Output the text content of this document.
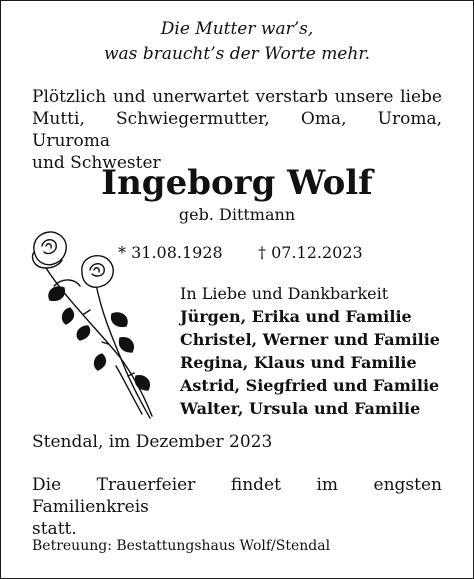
Die Mutter war’s,
was braucht’s der Worte mehr.
Plötzlich und unerwartet verstarb unsere liebe
Mutti, Schwiegermutter, Oma, Uroma, Ururoma
und Schwester
Ingeborg Wolf
geb. Dittmann
* 31.08.1928 † 07.12.2023
In Liebe und Dankbarkeit
Jürgen, Erika und Familie
Christel, Werner und Familie
Regina, Klaus und Familie
Astrid, Siegfried und Familie
Walter, Ursula und Familie
Stendal, im Dezember 2023
Die Trauerfeier findet im engsten Familienkreis
statt.
Betreuung: Bestattungshaus Wolf/Stendal
